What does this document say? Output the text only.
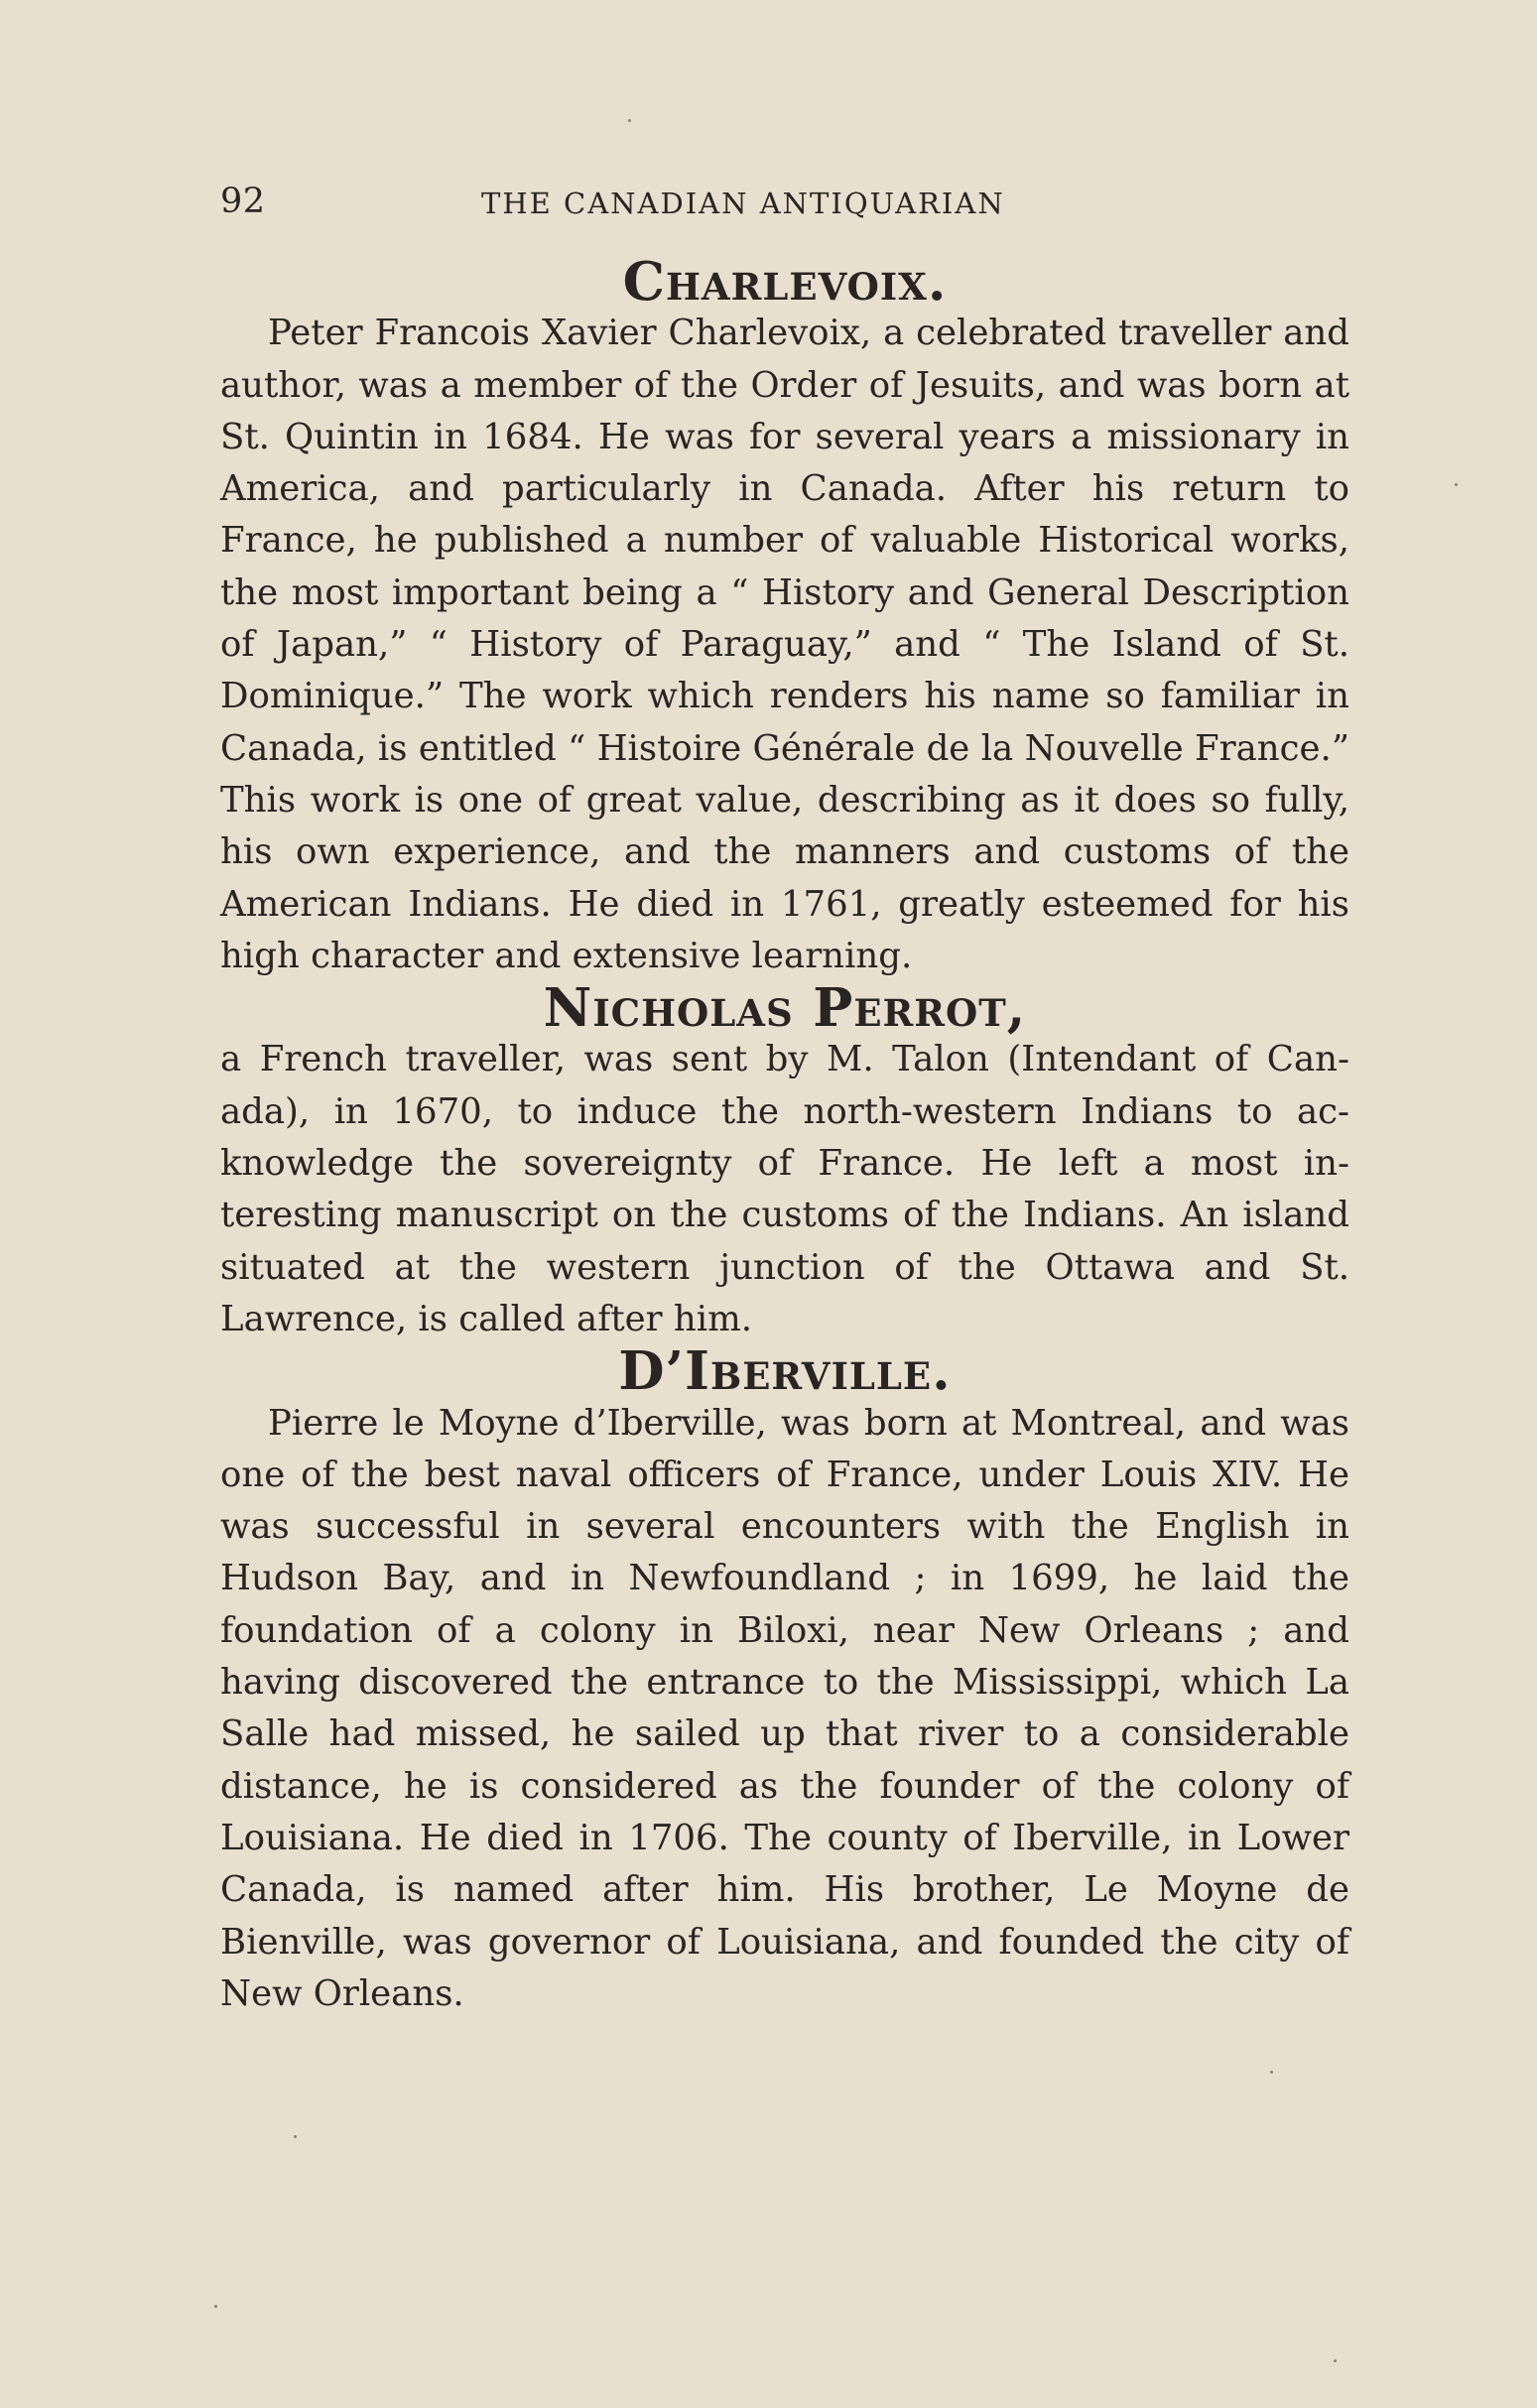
92	THE CANADIAN ANTIQUARIAN
Charlevoix.

Peter Francois Xavier Charlevoix, a celebrated traveller and author, was a member of the Order of Jesuits, and was born at St. Quintin in 1684. He was for several years a missionary in America, and particularly in Canada. After his return to France, he published a number of valuable Historical works, the most important being a “ History and General Description of Japan,” “ History of Paraguay,” and “ The Island of St. Dominique.” The work which renders his name so familiar in Canada, is entitled “ Histoire Générale de la Nouvelle France.” This work is one of great value, describing as it does so fully, his own experience, and the manners and customs of the American Indians. He died in 1761, greatly esteemed for his high character and extensive learning.

Nicholas Perrot,

a French traveller, was sent by M. Talon (Intendant of Canada), in 1670, to induce the north-western Indians to acknowledge the sovereignty of France. He left a most interesting manuscript on the customs of the Indians. An island situated at the western junction of the Ottawa and St. Lawrence, is called after him.

D’Iberville.

Pierre le Moyne d’Iberville, was born at Montreal, and was one of the best naval officers of France, under Louis XIV. He was successful in several encounters with the English in Hudson Bay, and in Newfoundland ; in 1699, he laid the foundation of a colony in Biloxi, near New Orleans ; and having discovered the entrance to the Mississippi, which La Salle had missed, he sailed up that river to a considerable distance, he is considered as the founder of the colony of Louisiana. He died in 1706. The county of Iberville, in Lower Canada, is named after him. His brother, Le Moyne de Bienville, was governor of Louisiana, and founded the city of New Orleans.
